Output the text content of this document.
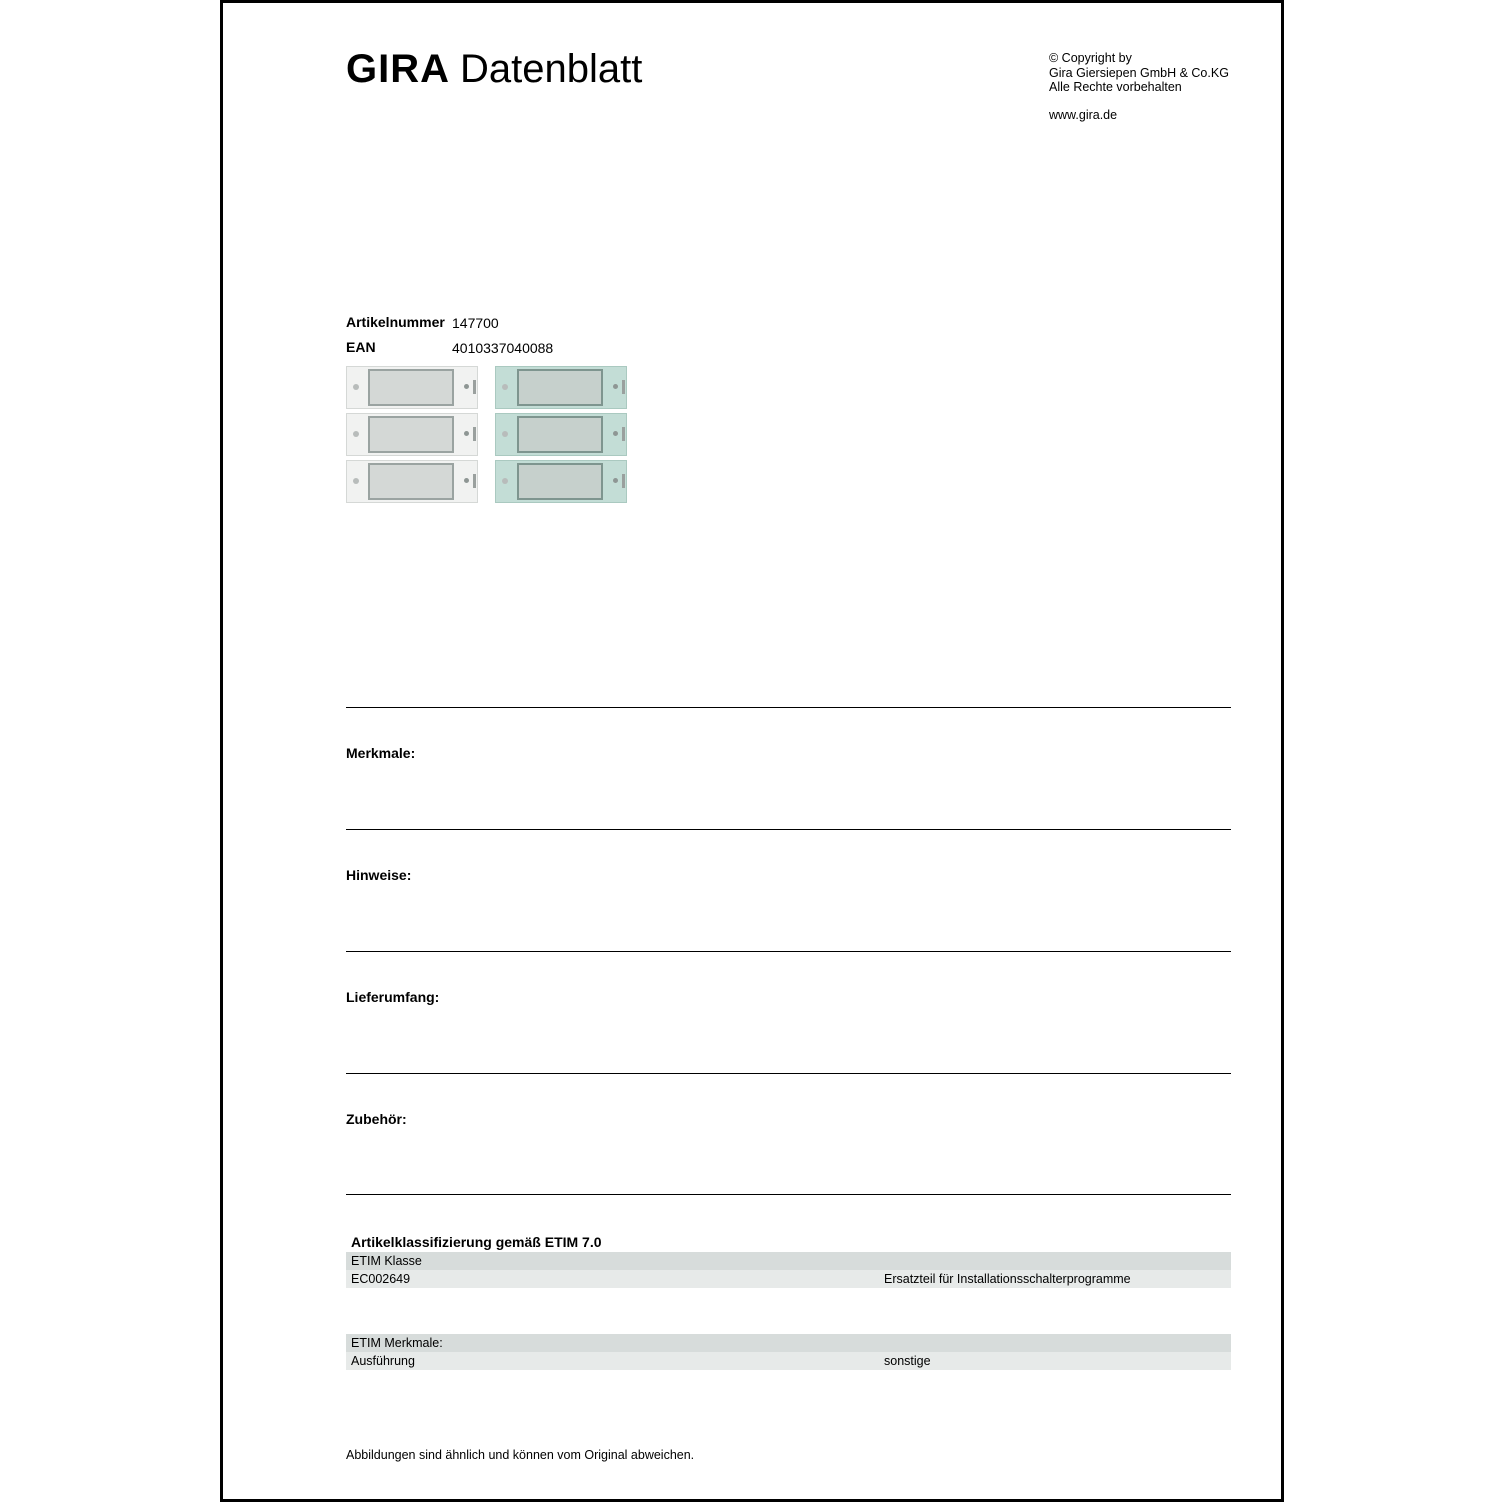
GIRA Datenblatt	© Copyright by
Gira Giersiepen GmbH & Co.KG
Alle Rechte vorbehalten
www.gira.de
Artikelnummer 147700
EAN	4010337040088
Merkmale:
Hinweise:
Lieferumfang:
Zubehör:
Artikelklassifizierung gemäß ETIM 7.0
ETIM Klasse
EC002649	Ersatzteil für Installationsschalterprogramme
ETIM Merkmale:
Ausführung	sonstige
Abbildungen sind ähnlich und können vom Original abweichen.
